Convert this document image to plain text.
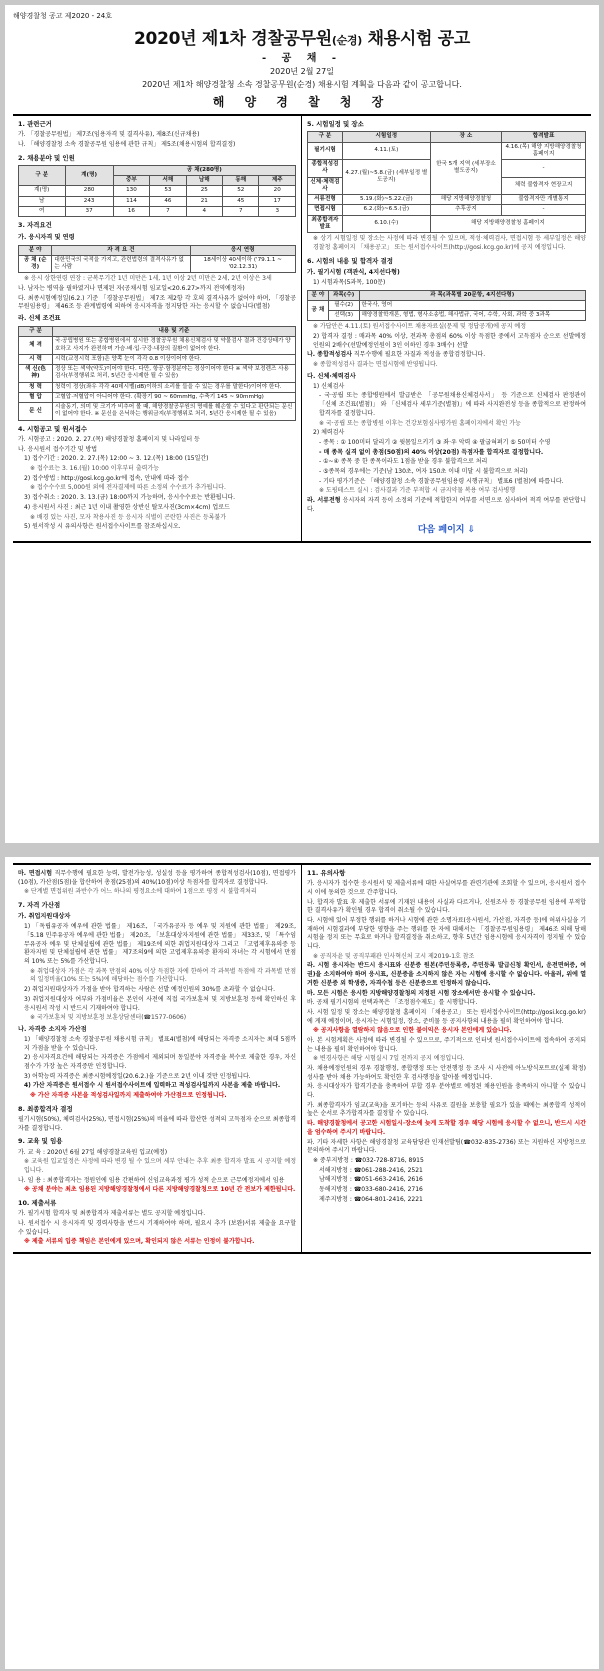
해양경찰청 공고 제2020 - 24호
2020년 제1차 경찰공무원(순경) 채용시험 공고
- 공 채 -
2020년 2월 27일
2020년 제1차 해양경찰청 소속 경찰공무원(순경) 채용시험 계획을 다음과 같이 공고합니다.
해 양 경 찰 청 장
1. 관련근거
가. 「경찰공무원법」 제7조(임용자격 및 결격사유), 제8조(신규채용)
나. 「해양경찰청 소속 경찰공무원 임용에 관한 규칙」 제5조(채용시험의 합격결정)
2. 채용분야 및 인원
구 분	계(명)	공 채(280명)				
		중부	서해	남해	동해	제주
계(명)	280	130	53	25	52	20
남	243	114	46	21	45	17
여	37	16	7	4	7	3
3. 자격요건
가. 응시자격 및 연령
분 야	자 격 요 건	응시 연령
공 채 (순경)	대한민국의 국적을 가지고, 관련법령의 결격사유가 없는 사람	18세이상 40세이하 ('79.1.1 ~ '02.12.31)
※ 응시 상한연령 연장 : 군복무기간 1년 미만은 1세, 1년 이상 2년 미만은 2세, 2년 이상은 3세
나. 남자는 병역을 필하였거나 면제된 자(공채시험 임교일<20.6.27>까지 전역예정자)
다. 최종시험예정일(6.2.) 기준 「경찰공무원법」 제7조 제2항 각 호의 결격사유가 없어야 하며, 「경찰공무원임용령」 제46조 등 관계법령에 의하여 응시자격을 정지당한 자는 응시할 수 없습니다(별첨)
라. 신체 조건표
구 분	내용 및 기준
체 격	국·공립병원 또는 종합병원에서 실시한 경찰공무원 채용신체검사 및 약물검사 결과 건강상태가 양호하고 사지가 완전하며 가슴·배·입·구강·내장의 질환이 없어야 한다.
시 력	시력(교정시력 포함)은 양쪽 눈이 각각 0.8 이상이어야 한다.
색 신(色 神)	정상 또는 색약(약도)이어야 한다. 다만, 항공·함정분야는 정상이어야 한다 ※ 색약 보정렌즈 사용검사(부정행위로 처리, 5년간 응시제한 될 수 있음)
청 력	청력이 정상(좌우 각각 40데시벨(dB)이하의 소리를 들을 수 있는 경우를 말한다)이어야 한다.
혈 압	고혈압·저혈압이 아니어야 한다. (확장기 90 ~ 60mmHg, 수축기 145 ~ 90mmHg)
문 신	시술동기, 의미 및 크기가 비추어 볼 때, 해양경찰공무원의 명예를 훼손할 수 있다고 판단되는 문신이 없어야 한다. ※ 문신을 은닉하는 행위금지(부정행위로 처리, 5년간 응시제한 될 수 있음)
4. 시험공고 및 원서접수
가. 시험공고 : 2020. 2. 27.(목) 해양경찰청 홈페이지 및 나라일터 등
나. 응시원서 접수기간 및 방법
1) 접수기간 : 2020. 2. 27.(목) 12:00 ~ 3. 12.(목) 18:00 (15일간)
※ 접수료는 3. 16.(월) 10:00 이후부터 출력가능
2) 접수방법 : http://gosi.kcg.go.kr에 접속, 안내에 따라 접수
※ 접수수수료 5,000원 외에 전자결제에 따른 소정의 수수료가 추가됩니다.
3) 접수취소 : 2020. 3. 13.(금) 18:00까지 가능하며, 응시수수료는 반환됩니다.
4) 응시원서 사진 : 최근 1년 이내 촬영한 상반신 탈모사진(3cm×4cm) 업로드
※ 배경 있는 사진, 모자 착용사진 등 응시자 식별이 곤란한 사진은 등록불가
5) 원서작성 시 유의사항은 원서접수사이트를 참조하십시오.
5. 시험일정 및 장소
구 분	시험일정	장 소	합격발표
필기시험	4.11.(토)	한국 5개 지역 (세부장소 별도공지)	4.16.(목) 해양 지방해양경찰청 홈페이지
종합적성검사	4.27.(월)~5.8.(금) (세부일정 별도공지)		-
신체·체력검사			체력 불합격자 현장고지
서류전형	5.19.(화)~5.22.(금)	해당 지방해양경찰청	불합격자만 개별통지
면접시험	6.2.(화)~6.5.(금)	추후공지	-
최종합격자발표	6.10.(수)	해당 지방해양경찰청 홈페이지	
※ 상기 시험일정 및 장소는 사정에 따라 변경될 수 있으며, 적성·체력검사, 면접시험 등 세부일정은 해양경찰청 홈페이지 「채용공고」 또는 원서접수사이트(http://gosi.kcg.go.kr)에 공지 예정입니다.
6. 시험의 내용 및 합격자 결정
가. 필기시험 (객관식, 4지선다형)
1) 시험과목(5과목, 100문)
분 야	과목(수)	과 목(과목별 20문항, 4지선다형)
공 채	필수(2)	한국사, 영어
	선택(3)	해양경찰학개론, 형법, 형사소송법, 해사법규, 국어, 수학, 사회, 과학 중 3과목
※ 가답안은 4.11.(토) 원서접수사이트 채용자료실(문제 및 정답공개)에 공지 예정
2) 합격자 결정 : 매과목 40% 이상, 전과목 총점의 60% 이상 득점한 중에서 고득점자 순으로 선발예정인원의 2배수(선발예정인원이 3인 이하인 경우 3배수) 선발
나. 종합적성검사 직무수행에 필요한 자질과 적성을 종합검정합니다.
※ 종합적성검사 결과는 면접시험에 반영됩니다.
다. 신체·체력검사
1) 신체검사
- 국·공립 또는 종합병원에서 발급받은 「공무원채용신체검사서」 등 기준으로 신체검사 판정관이 「신체 조건표(별첨)」 와 「신체검사 세부기준(별첨)」에 따라 사지완전성 등을 종합적으로 판정하여 합격자를 결정합니다.
※ 국·공립 또는 종합병원 이후는 건강보험심사평가원 홈페이지에서 확인 가능
2) 체력검사
- 종목 : ① 100미터 달리기 ② 윗몸일으키기 ③ 좌·우 악력 ④ 팔굽혀펴기 ⑤ 50미터 수영
- 매 종목 실격 없이 총점(50점)의 40% 이상(20점) 득점자를 합격자로 결정합니다.
- ①~④ 종목 중 한 종목이라도 1점을 받을 경우 불합격으로 처리
- ⑤종목의 경우에는 기준(남 130초, 여자 150초 이내 미달 시 불합격으로 처리)
- 기타 평가기준은 「해양경찰청 소속 경찰공무원임용령 시행규칙」 별표6 (별첨)에 따릅니다.
※ 도핑테스트 실시 : 검사결과 기준 부적합 시 금지약물 복용 여부 검사병행
라. 서류전형 응시자의 자격 등이 소정의 기준에 적합한지 여부를 서면으로 심사하여 적격 여부를 판단합니다.
다음 페이지 ⇩
마. 면접시험 직무수행에 필요한 능력, 발전가능성, 성실성 등을 평가하여 종합적성검사(10점), 면접평가(10점), 가산점(5점)을 합산하여 총점(25점)의 40%(10점)이상 득점자를 합격자로 결정합니다.
※ 단계별 면접위원 과반수가 어느 하나의 평정요소에 대하여 1점으로 평정 시 불합격처리
7. 자격 가산점
가. 취업지원대상자
1) 「독립유공자 예우에 관한 법률」 제16조, 「국가유공자 등 예우 및 지원에 관한 법률」 제29조, 「5.18 민주유공자 예우에 관한 법률」 제20조, 「보훈대상자지원에 관한 법률」 제33조, 및 「특수임무유공자 예우 및 단체설립에 관한 법률」 제19조에 의한 취업지원대상자 그리고 「고엽제후유의증 등 환자지원 및 단체설립에 관한 법률」 제7조의9에 의한 고엽제후유의증 환자의 자녀는 각 시험에서 만점의 10% 또는 5%를 가산합니다.
※ 취업대상자 가점은 각 과목 만점의 40% 이상 득점한 자에 한하여 각 과목별 득점에 각 과목별 만점의 일정비율(10% 또는 5%)에 해당하는 점수를 가산합니다.
2) 취업지원대상자가 가점을 받아 합격하는 사람은 선발 예정인원의 30%를 초과할 수 없습니다.
3) 취업지원대상자 여부와 가점비율은 본인이 사전에 직접 국가보훈처 및 지방보훈청 등에 확인하신 후 응시원서 작성 시 반드시 기재하여야 합니다.
※ 국가보훈처 및 지방보훈청 보훈상담센터(☎1577-0606)
나. 자격증 소지자 가산점
1) 「해양경찰청 소속 경찰공무원 채용시험 규칙」 별표4(별첨)에 해당되는 자격증 소지자는 최대 5점까지 가점을 받을 수 있습니다.
2) 응시자격요건에 해당되는 자격증은 가점에서 제외되며 동일분야 자격증을 복수로 제출한 경우, 자신점수가 가장 높은 자격증만 인정합니다.
3) 어학능력 자격증은 최종시험예정일(20.6.2.)을 기준으로 2년 이내 것만 인정됩니다.
4) 가산 자격증은 원서접수 시 원서접수사이트에 입력하고 적성검사일까지 사본을 제출 바랍니다.
※ 가산 자격증 사본을 적성검사일까지 제출하여야 가산점으로 인정됩니다.
8. 최종합격자 결정
필기시험(50%), 체력검사(25%), 면접시험(25%)의 비율에 따라 합산한 성적의 고득점자 순으로 최종합격자를 결정합니다.
9. 교육 및 임용
가. 교 육 : 2020년 6월 27일 해양경찰교육원 입교(예정)
※ 교육원 입교일정은 사정에 따라 변경 될 수 있으며 세부 안내는 추후 최종 합격자 발표 시 공지할 예정입니다.
나. 임 용 : 최종합격자는 정원인에 임용 간편하여 신임교육과정 평가 성적 순으로 근무예정지에서 임용
※ 공채 분야는 최초 임용된 지방해양경찰청에서 다른 지방해양경찰청으로 10년 간 전보가 제한됩니다.
10. 제출서류
가. 필기시험 합격자 및 최종합격자 제출서류는 별도 공지할 예정입니다.
나. 원서접수 시 응시자격 및 경력사항을 반드시 기재하여야 하며, 필요시 추가 (보완)서류 제출을 요구할 수 있습니다.
※ 제출 서류의 입증 책임은 본인에게 있으며, 확인되지 않은 서류는 인정이 불가합니다.
11. 유의사항
가. 응시자가 접수한 응시원서 및 제출서류에 대한 사실여부를 관련기관에 조회할 수 있으며, 응시원서 접수 시 이에 동의한 것으로 간주합니다.
나. 합격자 발표 후 제출한 서류에 기재된 내용이 사실과 다르거나, 신원조사 등 경찰공무원 임용에 부적합한 결격사유가 확인될 경우 합격이 취소될 수 있습니다.
다. 시험에 있어 부정한 행위를 하거나 시험에 관한 소명자료(응시원서, 가산점, 자격증 등)에 허위사실을 기재하여 시험결과에 부당한 영향을 주는 행위를 한 자에 대해서는 「경찰공무원임용령」 제46조 의해 당해 시험을 정지 또는 무효로 하거나 합격결정을 취소하고, 향후 5년간 임용시험에 응시자격이 정지될 수 있습니다.
※ 공직자윤 및 공직부패관 인사혁신처 고시 제2019-1호 참조
라. 시험 응시자는 반드시 응시표와 신분증 원본(주민등록증, 주민등록 발급신청 확인서, 운전면허증, 여권)을 소지하여야 하며 응시표, 신분증을 소지하지 않은 자는 시험에 응시할 수 없습니다. 아울러, 위에 열거한 신분증 외 학생증, 자격수첩 등은 신분증으로 인정하지 않습니다.
마. 모든 시험은 응시한 지방해양경찰청의 지정된 시험 장소에서만 응시할 수 있습니다.
바. 공채 필기시험의 선택과목은 「조정점수제도」를 시행합니다.
사. 시험 일정 및 장소는 해양경찰청 홈페이지 「채용공고」 또는 원서접수사이트(http://gosi.kcg.go.kr)에 게재 예정이며, 응시자는 시험일정, 장소, 준비물 등 공지사항의 내용을 필히 확인하여야 합니다.
※ 공지사항을 열람하지 않음으로 인한 불이익은 응시자 본인에게 있습니다.
아. 본 시험계획은 사정에 따라 변경될 수 있으므로, 주기적으로 인터넷 원서접수사이트에 접속하여 공지되는 내용을 필히 확인하여야 합니다.
※ 변경사항은 해당 시험실시 7일 전까지 공지 예정입니다.
자. 채용예정인원의 경우 경찰행정, 종합행정 또는 안전행정 등 조사 시 사전에 아노방식포트로(실제 확정) 성사를 받아 채용 가능하여도 확인한 후 검사행정을 알아볼 예정입니다.
차. 응시대상자가 합격기준을 충족하여 부합 경우 분야별로 예정된 채용인원을 충족하지 아니할 수 있습니다.
카. 최종합격자가 임교(교육)을 포기하는 등의 사유로 결원을 보충할 필요가 있을 때에는 최종합격 성적이 높은 순서로 추가합격자를 결정할 수 있습니다.
타. 해양경찰청에서 공고한 시험일시·장소에 늦게 도착할 경우 해당 시험에 응시할 수 없으니, 반드시 시간을 엄수하여 주시기 바랍니다.
파. 기타 자세한 사항은 해양경찰청 교육담당관 인재선발팀(☎032-835-2736) 또는 지원하신 지방청으로 문의하여 주시기 바랍니다.
※ 중부지방청 : ☎032-728-8716, 8915
서해지방청 : ☎061-288-2416, 2521
남해지방청 : ☎051-663-2416, 2616
동해지방청 : ☎033-680-2416, 2716
제주지방청 : ☎064-801-2416, 2221
